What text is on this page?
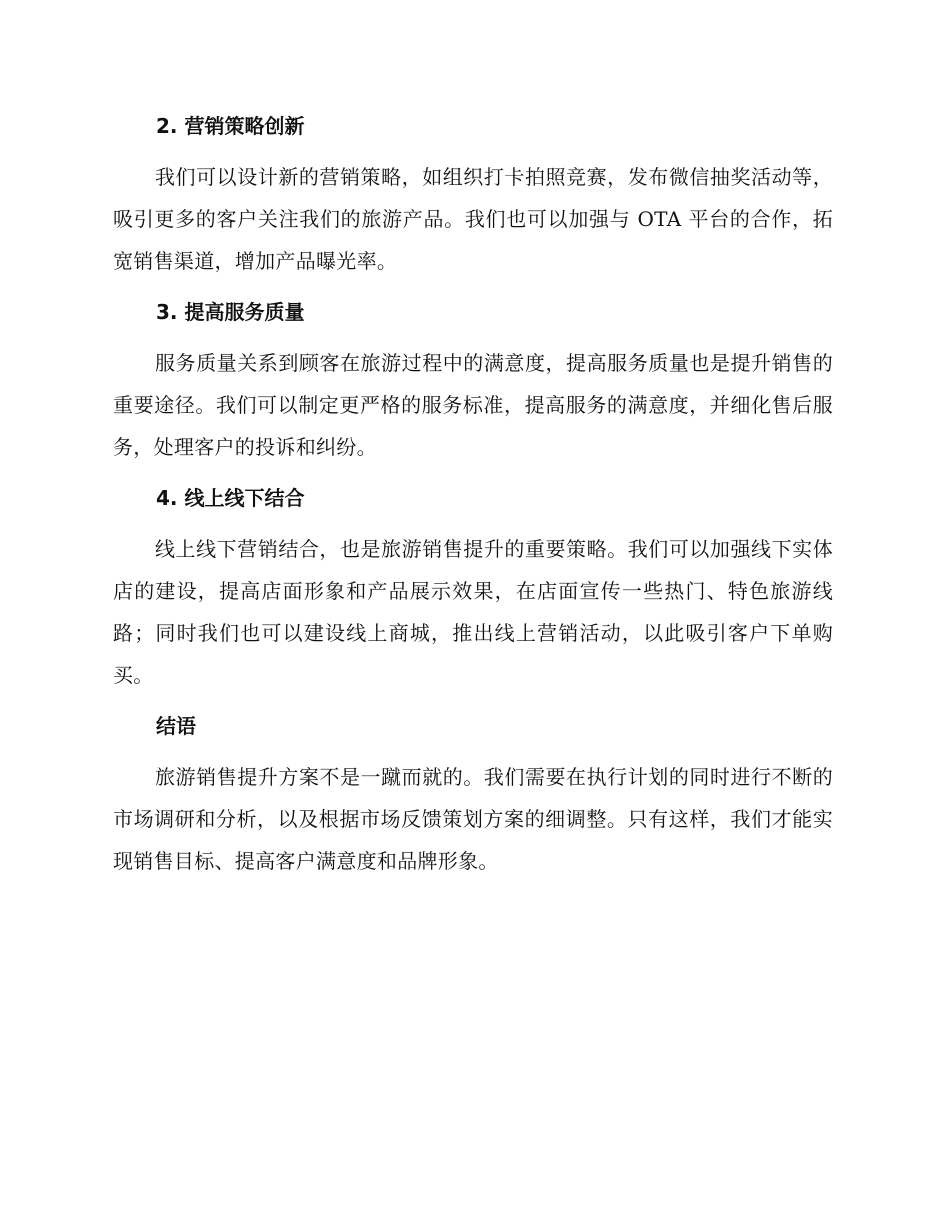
2. 营销策略创新

我们可以设计新的营销策略，如组织打卡拍照竞赛，发布微信抽奖活动等，吸引更多的客户关注我们的旅游产品。我们也可以加强与 OTA 平台的合作，拓宽销售渠道，增加产品曝光率。

3. 提高服务质量

服务质量关系到顾客在旅游过程中的满意度，提高服务质量也是提升销售的重要途径。我们可以制定更严格的服务标准，提高服务的满意度，并细化售后服务，处理客户的投诉和纠纷。

4. 线上线下结合

线上线下营销结合，也是旅游销售提升的重要策略。我们可以加强线下实体店的建设，提高店面形象和产品展示效果，在店面宣传一些热门、特色旅游线路；同时我们也可以建设线上商城，推出线上营销活动，以此吸引客户下单购买。

结语

旅游销售提升方案不是一蹴而就的。我们需要在执行计划的同时进行不断的市场调研和分析，以及根据市场反馈策划方案的细调整。只有这样，我们才能实现销售目标、提高客户满意度和品牌形象。
